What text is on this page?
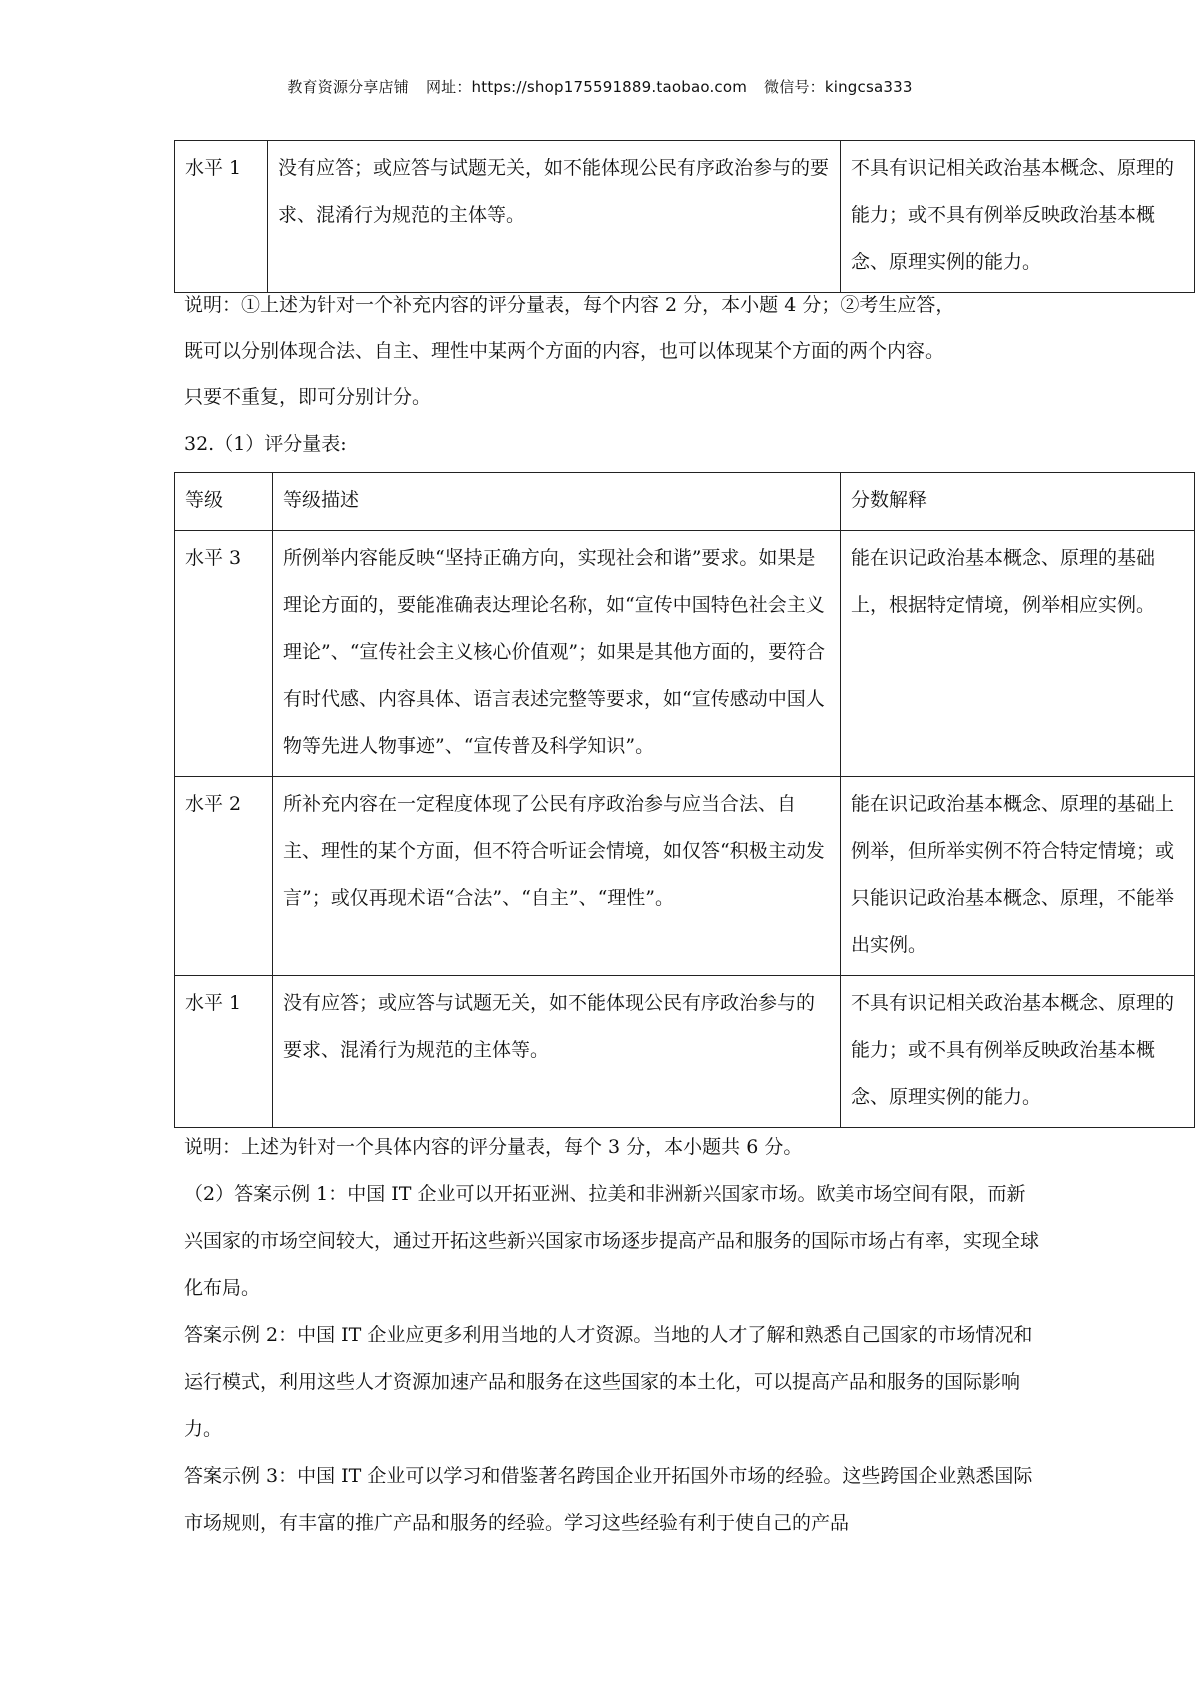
教育资源分享店铺 网址：https://shop175591889.taobao.com 微信号：kingcsa333
水平 1	没有应答；或应答与试题无关，如不能体现公民有序政治参与的要求、混淆行为规范的主体等。	不具有识记相关政治基本概念、原理的能力；或不具有例举反映政治基本概念、原理实例的能力。

说明：①上述为针对一个补充内容的评分量表，每个内容 2 分，本小题 4 分；②考生应答，

既可以分别体现合法、自主、理性中某两个方面的内容，也可以体现某个方面的两个内容。

只要不重复，即可分别计分。

32.（1）评分量表:

等级	等级描述	分数解释
水平 3	所例举内容能反映“坚持正确方向，实现社会和谐”要求。如果是理论方面的，要能准确表达理论名称，如“宣传中国特色社会主义理论”、“宣传社会主义核心价值观”；如果是其他方面的，要符合有时代感、内容具体、语言表述完整等要求，如“宣传感动中国人物等先进人物事迹”、“宣传普及科学知识”。	能在识记政治基本概念、原理的基础上，根据特定情境，例举相应实例。
水平 2	所补充内容在一定程度体现了公民有序政治参与应当合法、自主、理性的某个方面，但不符合听证会情境，如仅答“积极主动发言”；或仅再现术语“合法”、“自主”、“理性”。	能在识记政治基本概念、原理的基础上例举，但所举实例不符合特定情境；或只能识记政治基本概念、原理，不能举出实例。
水平 1	没有应答；或应答与试题无关，如不能体现公民有序政治参与的要求、混淆行为规范的主体等。	不具有识记相关政治基本概念、原理的能力；或不具有例举反映政治基本概念、原理实例的能力。

说明：上述为针对一个具体内容的评分量表，每个 3 分，本小题共 6 分。

（2）答案示例 1：中国 IT 企业可以开拓亚洲、拉美和非洲新兴国家市场。欧美市场空间有限，而新兴国家的市场空间较大，通过开拓这些新兴国家市场逐步提高产品和服务的国际市场占有率，实现全球化布局。

答案示例 2：中国 IT 企业应更多利用当地的人才资源。当地的人才了解和熟悉自己国家的市场情况和运行模式，利用这些人才资源加速产品和服务在这些国家的本土化，可以提高产品和服务的国际影响力。

答案示例 3：中国 IT 企业可以学习和借鉴著名跨国企业开拓国外市场的经验。这些跨国企业熟悉国际市场规则，有丰富的推广产品和服务的经验。学习这些经验有利于使自己的产品
